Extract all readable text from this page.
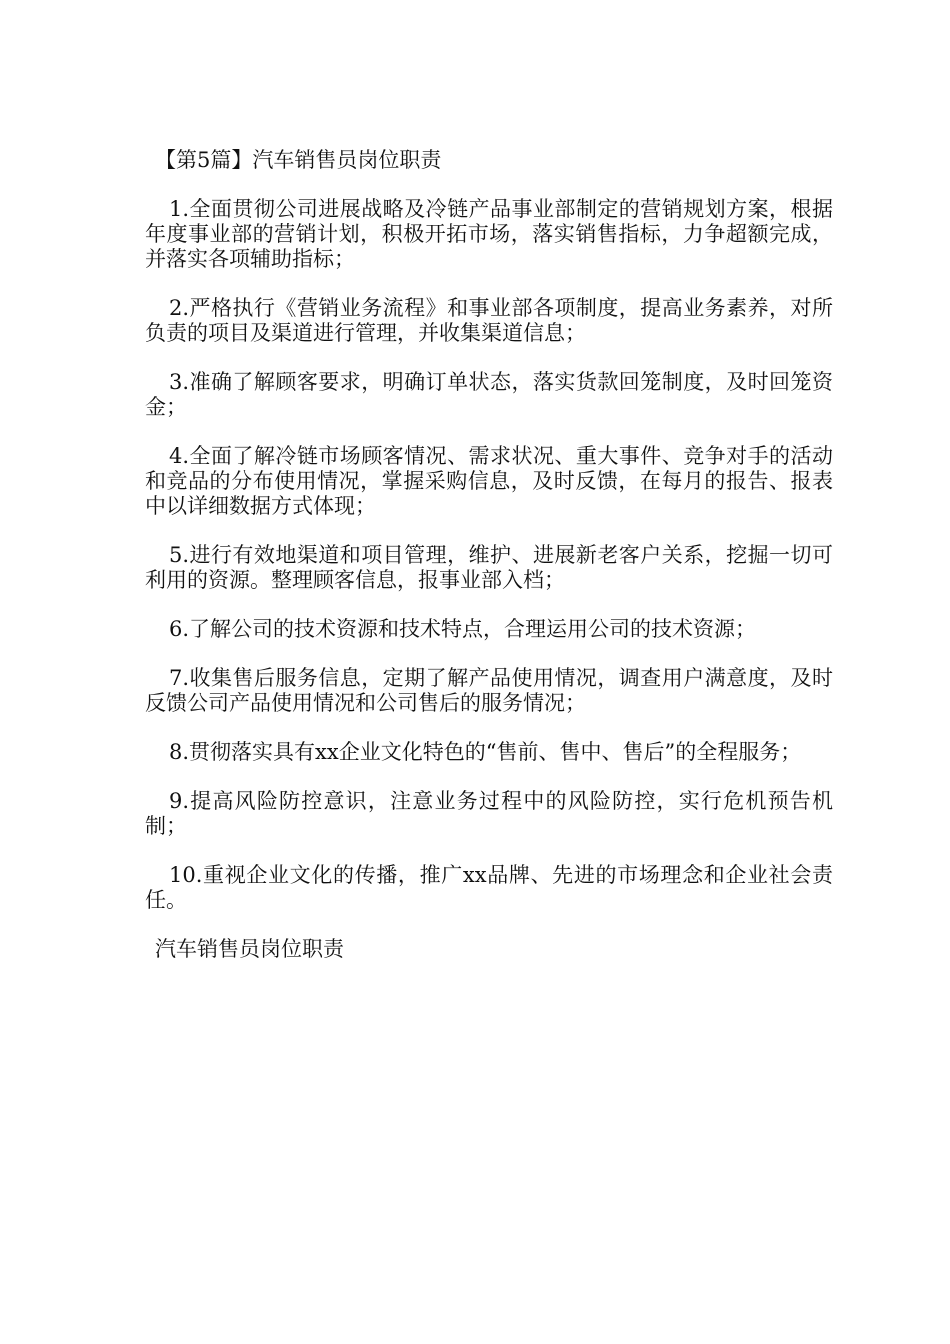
【第5篇】汽车销售员岗位职责

1.全面贯彻公司进展战略及冷链产品事业部制定的营销规划方案，根据年度事业部的营销计划，积极开拓市场，落实销售指标，力争超额完成，并落实各项辅助指标；

2.严格执行《营销业务流程》和事业部各项制度，提高业务素养，对所负责的项目及渠道进行管理，并收集渠道信息；

3.准确了解顾客要求，明确订单状态，落实货款回笼制度，及时回笼资金；

4.全面了解冷链市场顾客情况、需求状况、重大事件、竞争对手的活动和竞品的分布使用情况，掌握采购信息，及时反馈，在每月的报告、报表中以详细数据方式体现；

5.进行有效地渠道和项目管理，维护、进展新老客户关系，挖掘一切可利用的资源。整理顾客信息，报事业部入档；

6.了解公司的技术资源和技术特点，合理运用公司的技术资源；

7.收集售后服务信息，定期了解产品使用情况，调查用户满意度，及时反馈公司产品使用情况和公司售后的服务情况；

8.贯彻落实具有xx企业文化特色的“售前、售中、售后”的全程服务；

9.提高风险防控意识，注意业务过程中的风险防控，实行危机预告机制；

10.重视企业文化的传播，推广xx品牌、先进的市场理念和企业社会责任。

汽车销售员岗位职责
